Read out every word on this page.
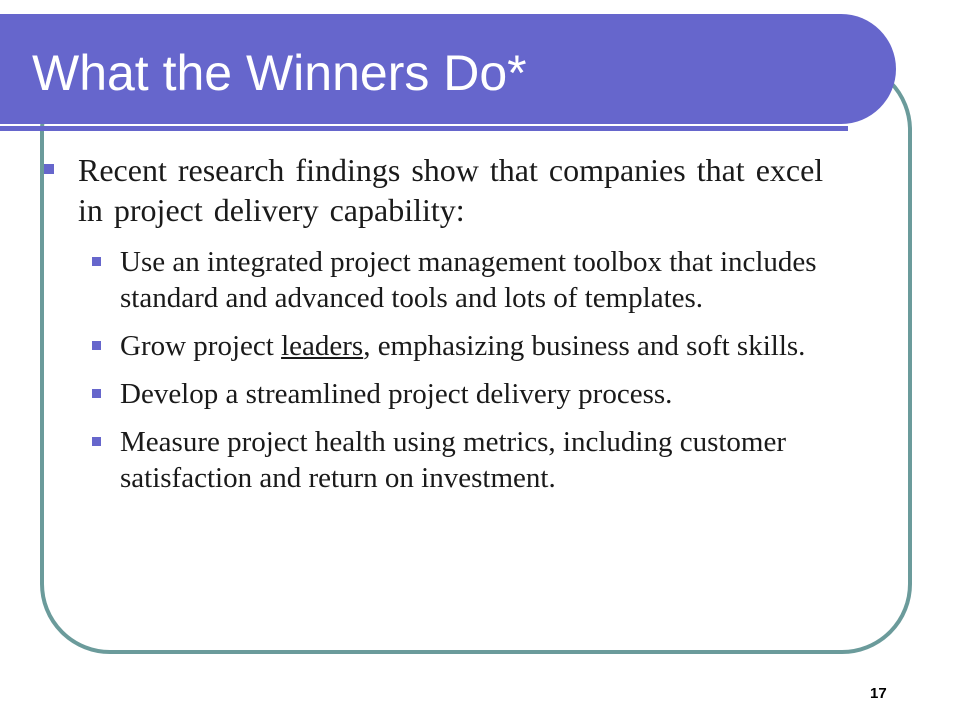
What the Winners Do*
Recent research findings show that companies that excel in project delivery capability:
Use an integrated project management toolbox that includes standard and advanced tools and lots of templates.
Grow project leaders, emphasizing business and soft skills.
Develop a streamlined project delivery process.
Measure project health using metrics, including customer satisfaction and return on investment.
17
